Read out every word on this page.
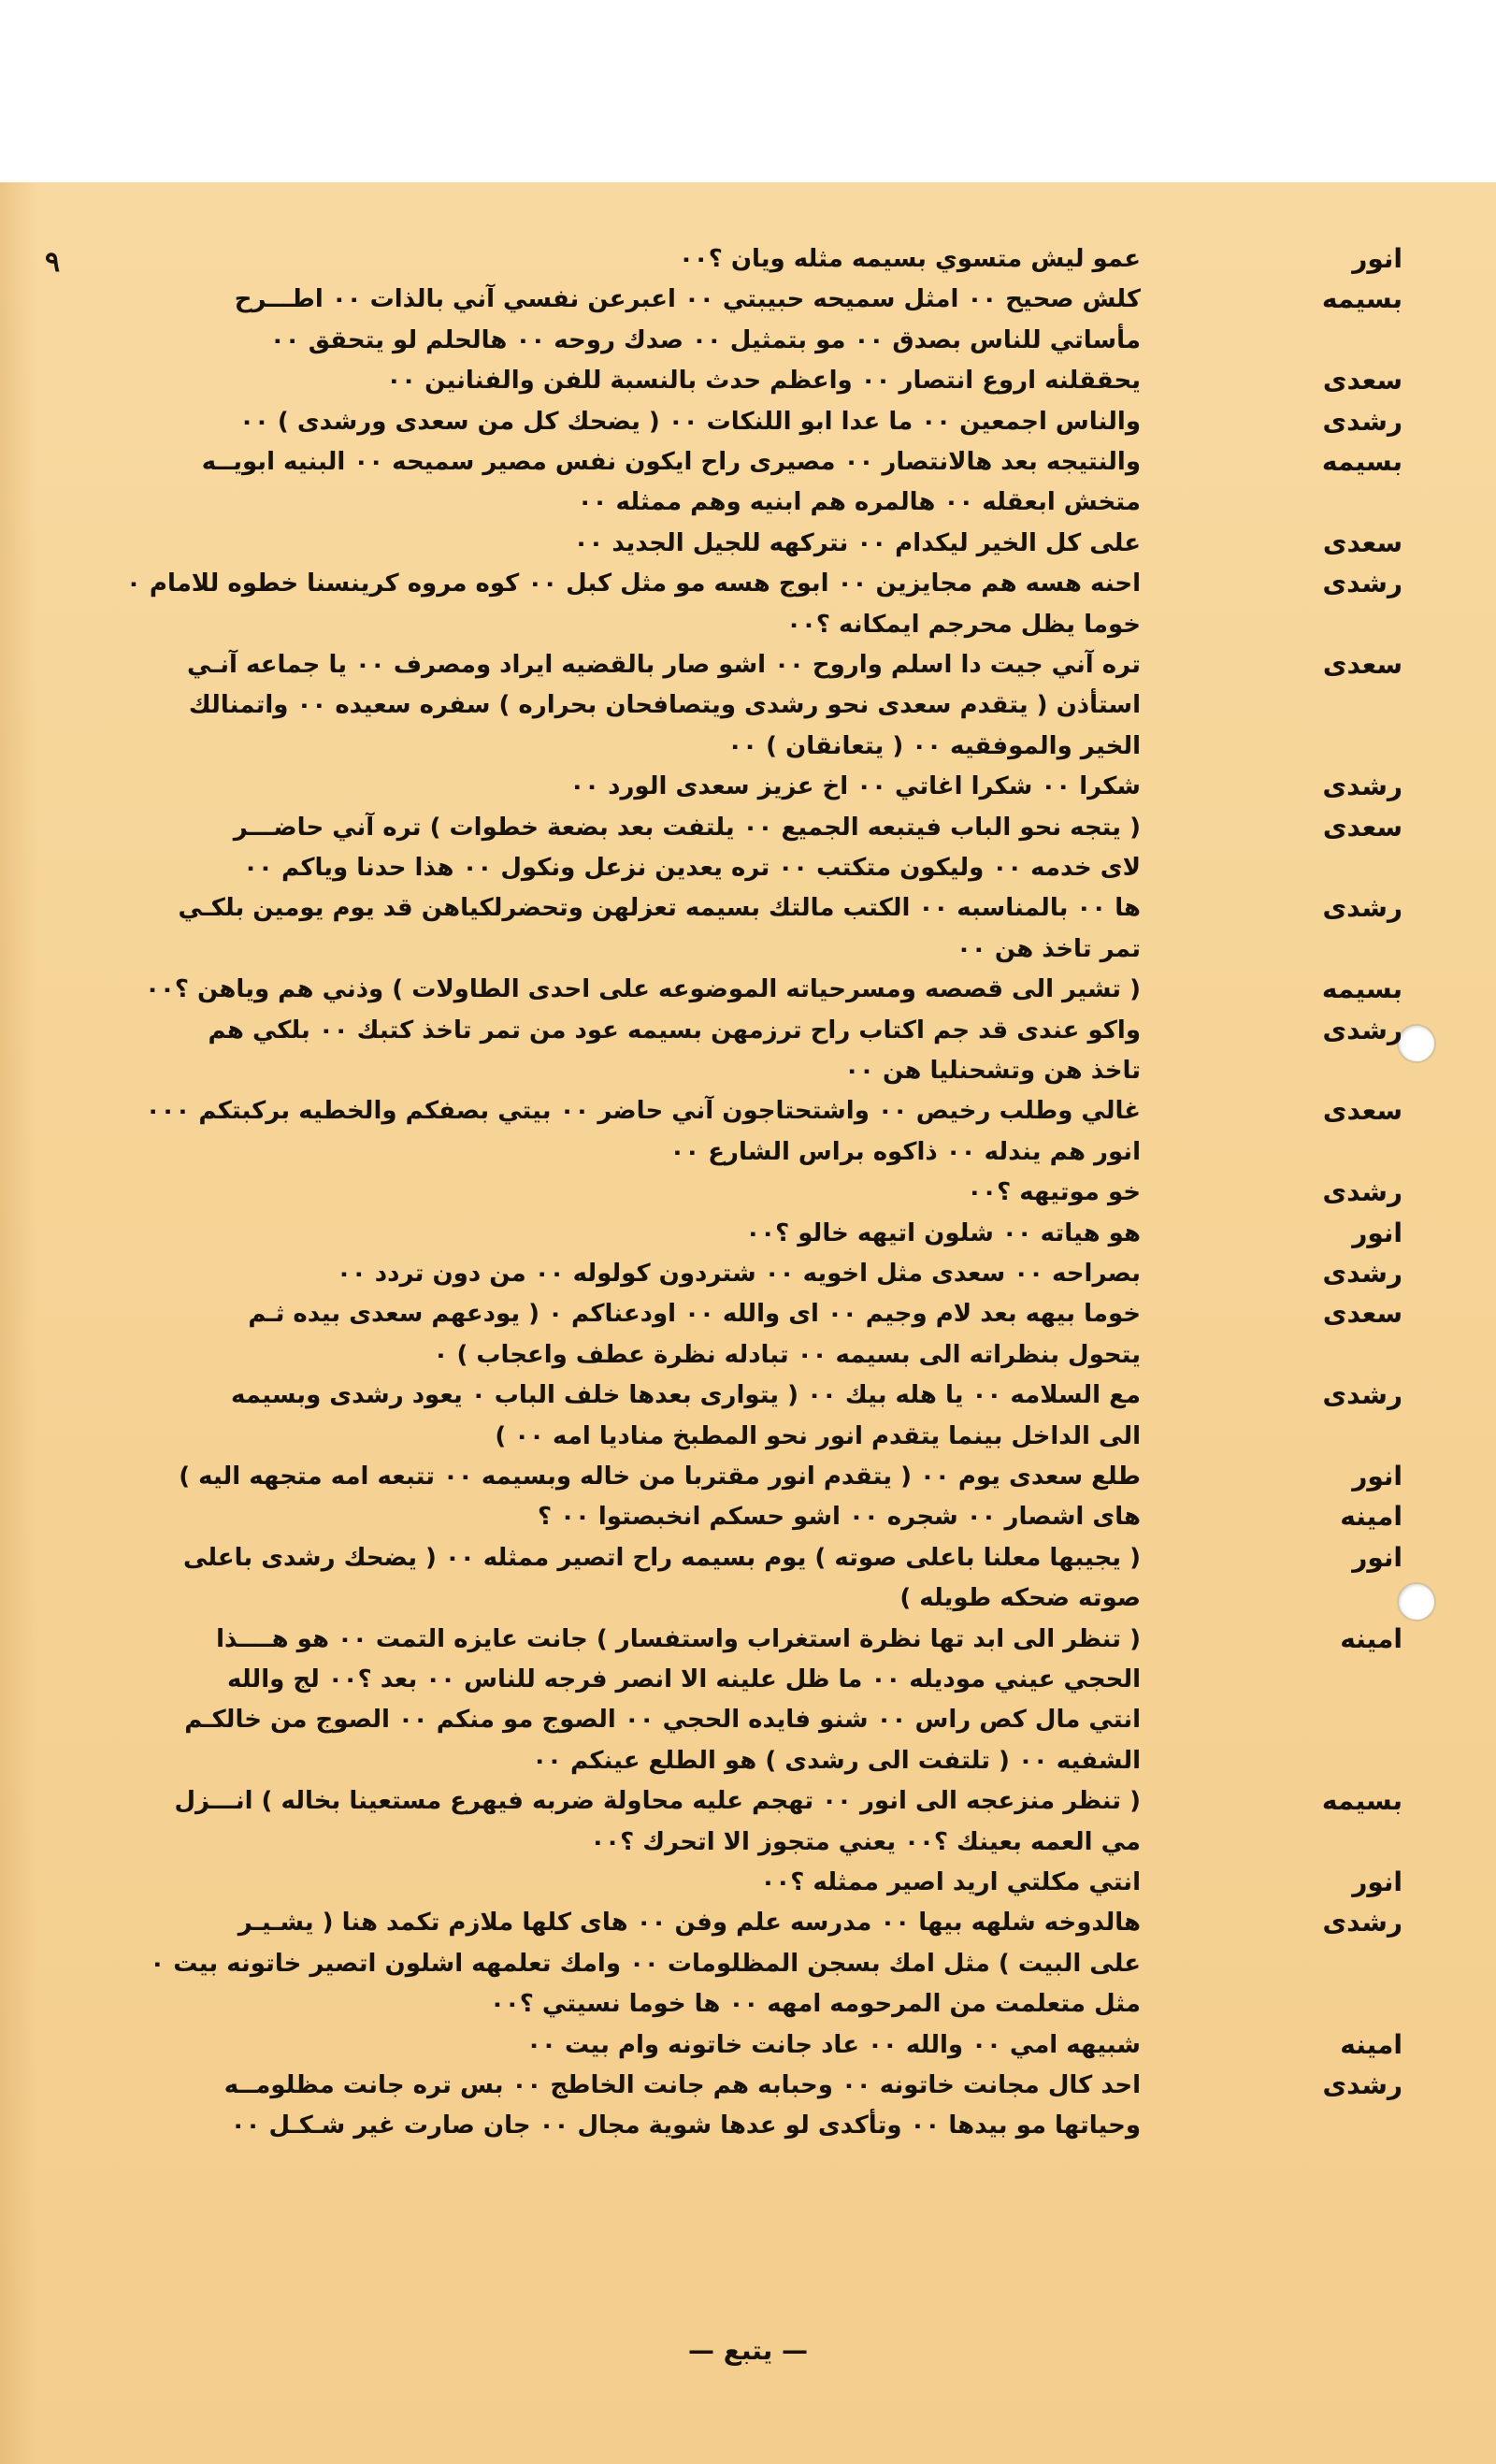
٩	انور
عمو ليش متسوي بسيمه مثله ويان ؟٠٠
بسيمه
كلش صحيح ٠٠ امثل سميحه حبيبتي ٠٠ اعبرعن نفسي آني بالذات ٠٠ اطـــرح
مأساتي للناس بصدق ٠٠ مو بتمثيل ٠٠ صدك روحه ٠٠ هالحلم لو يتحقق ٠٠
سعدى
يحققلنه اروع انتصار ٠٠ واعظم حدث بالنسبة للفن والفنانين ٠٠
رشدى
والناس اجمعين ٠٠ ما عدا ابو اللنكات ٠٠ ( يضحك كل من سعدى ورشدى ) ٠٠
بسيمه
والنتيجه بعد هالانتصار ٠٠ مصيرى راح ايكون نفس مصير سميحه ٠٠ البنيه ابويــه
متخش ابعقله ٠٠ هالمره هم ابنيه وهم ممثله ٠٠
سعدى
على كل الخير ليكدام ٠٠ نتركهه للجيل الجديد ٠٠
رشدى
احنه هسه هم مجايزين ٠٠ ابوج هسه مو مثل كبل ٠٠ كوه مروه كرينسنا خطوه للامام ٠
خوما يظل محرجم ايمكانه ؟٠٠
سعدى
تره آني جيت دا اسلم واروح ٠٠ اشو صار بالقضيه ايراد ومصرف ٠٠ يا جماعه آنـي
استأذن ( يتقدم سعدى نحو رشدى ويتصافحان بحراره ) سفره سعيده ٠٠ واتمنالك
الخير والموفقيه ٠٠ ( يتعانقان ) ٠٠
رشدى
شكرا ٠٠ شكرا اغاتي ٠٠ اخ عزيز سعدى الورد ٠٠
سعدى
( يتجه نحو الباب فيتبعه الجميع ٠٠ يلتفت بعد بضعة خطوات ) تره آني حاضـــر
لاى خدمه ٠٠ وليكون متكتب ٠٠ تره يعدين نزعل ونكول ٠٠ هذا حدنا وياكم ٠٠
رشدى
ها ٠٠ بالمناسبه ٠٠ الكتب مالتك بسيمه تعزلهن وتحضرلكياهن قد يوم يومين بلكـي
تمر تاخذ هن ٠٠
بسيمه
( تشير الى قصصه ومسرحياته الموضوعه على احدى الطاولات ) وذني هم وياهن ؟٠٠
رشدى
واكو عندى قد جم اكتاب راح ترزمهن بسيمه عود من تمر تاخذ كتبك ٠٠ بلكي هم
تاخذ هن وتشحنليا هن ٠٠
سعدى
غالي وطلب رخيص ٠٠ واشتحتاجون آني حاضر ٠٠ بيتي بصفكم والخطيه بركبتكم ٠٠٠
انور هم يندله ٠٠ ذاكوه براس الشارع ٠٠
رشدى
خو موتيهه ؟٠٠
انور
هو هياته ٠٠ شلون اتيهه خالو ؟٠٠
رشدى
بصراحه ٠٠ سعدى مثل اخويه ٠٠ شتردون كولوله ٠٠ من دون تردد ٠٠
سعدى
خوما بيهه بعد لام وجيم ٠٠ اى والله ٠٠ اودعناكم ٠ ( يودعهم سعدى بيده ثـم
يتحول بنظراته الى بسيمه ٠٠ تبادله نظرة عطف واعجاب ) ٠
رشدى
مع السلامه ٠٠ يا هله بيك ٠٠ ( يتوارى بعدها خلف الباب ٠ يعود رشدى وبسيمه
الى الداخل بينما يتقدم انور نحو المطبخ مناديا امه ٠٠ )
انور
طلع سعدى يوم ٠٠ ( يتقدم انور مقتربا من خاله وبسيمه ٠٠ تتبعه امه متجهه اليه )
امينه
هاى اشصار ٠٠ شجره ٠٠ اشو حسكم انخبصتوا ٠٠ ؟
انور
( يجيبها معلنا باعلى صوته ) يوم بسيمه راح اتصير ممثله ٠٠ ( يضحك رشدى باعلى
صوته ضحكه طويله )
امينه
( تنظر الى ابد تها نظرة استغراب واستفسار ) جانت عايزه التمت ٠٠ هو هــــذا
الحجي عيني موديله ٠٠ ما ظل علينه الا انصر فرجه للناس ٠٠ بعد ؟٠٠ لج والله
انتي مال كص راس ٠٠ شنو فايده الحجي ٠٠ الصوج مو منكم ٠٠ الصوج من خالكـم
الشفيه ٠٠ ( تلتفت الى رشدى ) هو الطلع عينكم ٠٠
بسيمه
( تنظر منزعجه الى انور ٠٠ تهجم عليه محاولة ضربه فيهرع مستعينا بخاله ) انـــزل
مي العمه بعينك ؟٠٠ يعني متجوز الا اتحرك ؟٠٠
انور
انتي مكلتي اريد اصير ممثله ؟٠٠
رشدى
هالدوخه شلهه بيها ٠٠ مدرسه علم وفن ٠٠ هاى كلها ملازم تكمد هنا ( يشـيـر
على البيت ) مثل امك بسجن المظلومات ٠٠ وامك تعلمهه اشلون اتصير خاتونه بيت ٠
مثل متعلمت من المرحومه امهه ٠٠ ها خوما نسيتي ؟٠٠
امينه
شبيهه امي ٠٠ والله ٠٠ عاد جانت خاتونه وام بيت ٠٠
رشدى
احد كال مجانت خاتونه ٠٠ وحبابه هم جانت الخاطج ٠٠ بس تره جانت مظلومــه
وحياتها مو بيدها ٠٠ وتأكدى لو عدها شوية مجال ٠٠ جان صارت غير شـكـل ٠٠
— يتبع —
